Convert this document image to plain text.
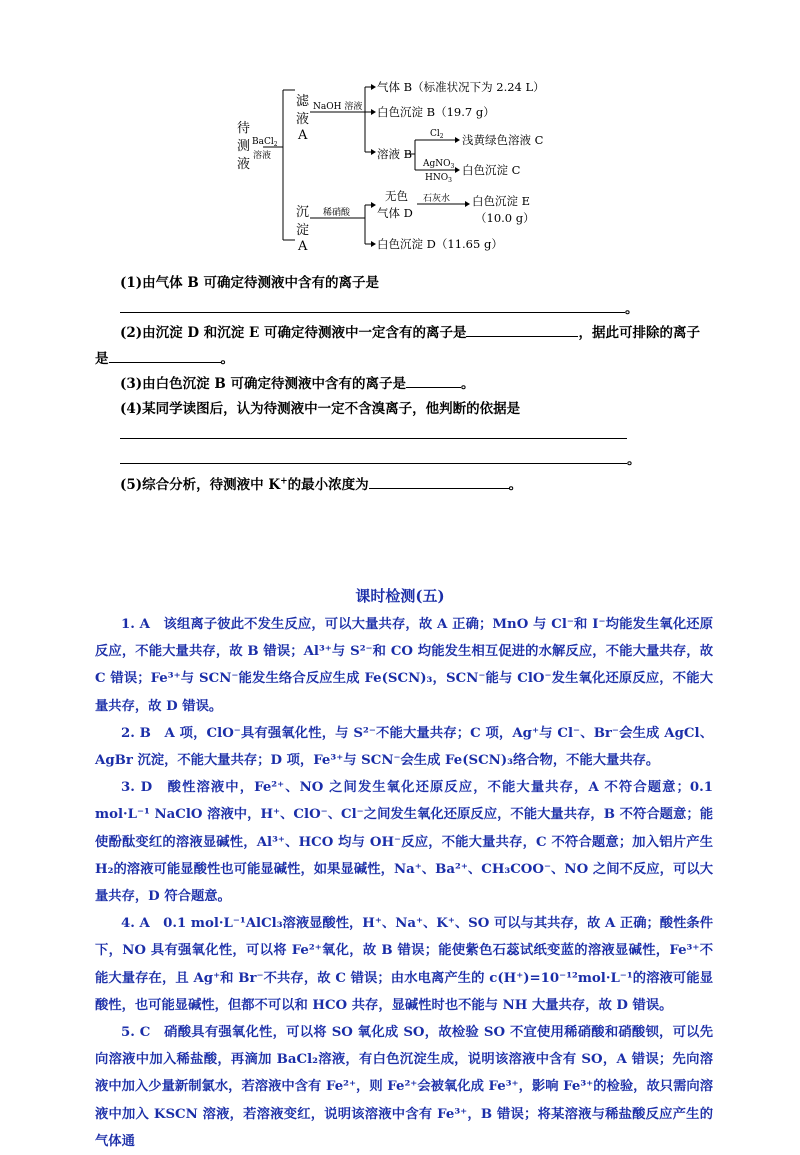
待
测
液
滤
液
A
沉
淀
A
BaCl$_2$
溶液
NaOH 溶液
$Cl_2$
AgNO$_3$
$HNO_3$
稀硝酸
石灰水
气体 B（标准状况下为 2.24 L）
白色沉淀 B（19.7 g）
溶液 B
浅黄绿色溶液 C
白色沉淀 C
无色
气体 D
白色沉淀 E
（10.0 g）
白色沉淀 D（11.65 g）
(1)由气体 B 可确定待测液中含有的离子是
。
(2)由沉淀 D 和沉淀 E 可确定待测液中一定含有的离子是	，据此可排除的离子
是	。
(3)由白色沉淀 B 可确定待测液中含有的离子是	。
(4)某同学读图后，认为待测液中一定不含溴离子，他判断的依据是
。
(5)综合分析，待测液中 K+的最小浓度为	。
课时检测(五)

1. A　该组离子彼此不发生反应，可以大量共存，故 A 正确；MnO 与 Cl⁻和 I⁻均能发生氧化还原反应，不能大量共存，故 B 错误；Al³⁺与 S²⁻和 CO 均能发生相互促进的水解反应，不能大量共存，故 C 错误；Fe³⁺与 SCN⁻能发生络合反应生成 Fe(SCN)₃，SCN⁻能与 ClO⁻发生氧化还原反应，不能大量共存，故 D 错误。

2. B　A 项，ClO⁻具有强氧化性，与 S²⁻不能大量共存；C 项，Ag⁺与 Cl⁻、Br⁻会生成 AgCl、AgBr 沉淀，不能大量共存；D 项，Fe³⁺与 SCN⁻会生成 Fe(SCN)₃络合物，不能大量共存。

3. D　酸性溶液中，Fe²⁺、NO 之间发生氧化还原反应，不能大量共存，A 不符合题意；0.1 mol·L⁻¹ NaClO 溶液中，H⁺、ClO⁻、Cl⁻之间发生氧化还原反应，不能大量共存，B 不符合题意；能使酚酞变红的溶液显碱性，Al³⁺、HCO 均与 OH⁻反应，不能大量共存，C 不符合题意；加入铝片产生 H₂的溶液可能显酸性也可能显碱性，如果显碱性，Na⁺、Ba²⁺、CH₃COO⁻、NO 之间不反应，可以大量共存，D 符合题意。

4. A　0.1 mol·L⁻¹AlCl₃溶液显酸性，H⁺、Na⁺、K⁺、SO 可以与其共存，故 A 正确；酸性条件下，NO 具有强氧化性，可以将 Fe²⁺氧化，故 B 错误；能使紫色石蕊试纸变蓝的溶液显碱性，Fe³⁺不能大量存在，且 Ag⁺和 Br⁻不共存，故 C 错误；由水电离产生的 c(H⁺)=10⁻¹²mol·L⁻¹的溶液可能显酸性，也可能显碱性，但都不可以和 HCO 共存，显碱性时也不能与 NH 大量共存，故 D 错误。

5. C　硝酸具有强氧化性，可以将 SO 氧化成 SO，故检验 SO 不宜使用稀硝酸和硝酸钡，可以先向溶液中加入稀盐酸，再滴加 BaCl₂溶液，有白色沉淀生成，说明该溶液中含有 SO，A 错误；先向溶液中加入少量新制氯水，若溶液中含有 Fe²⁺，则 Fe²⁺会被氧化成 Fe³⁺，影响 Fe³⁺的检验，故只需向溶液中加入 KSCN 溶液，若溶液变红，说明该溶液中含有 Fe³⁺，B 错误；将某溶液与稀盐酸反应产生的气体通
